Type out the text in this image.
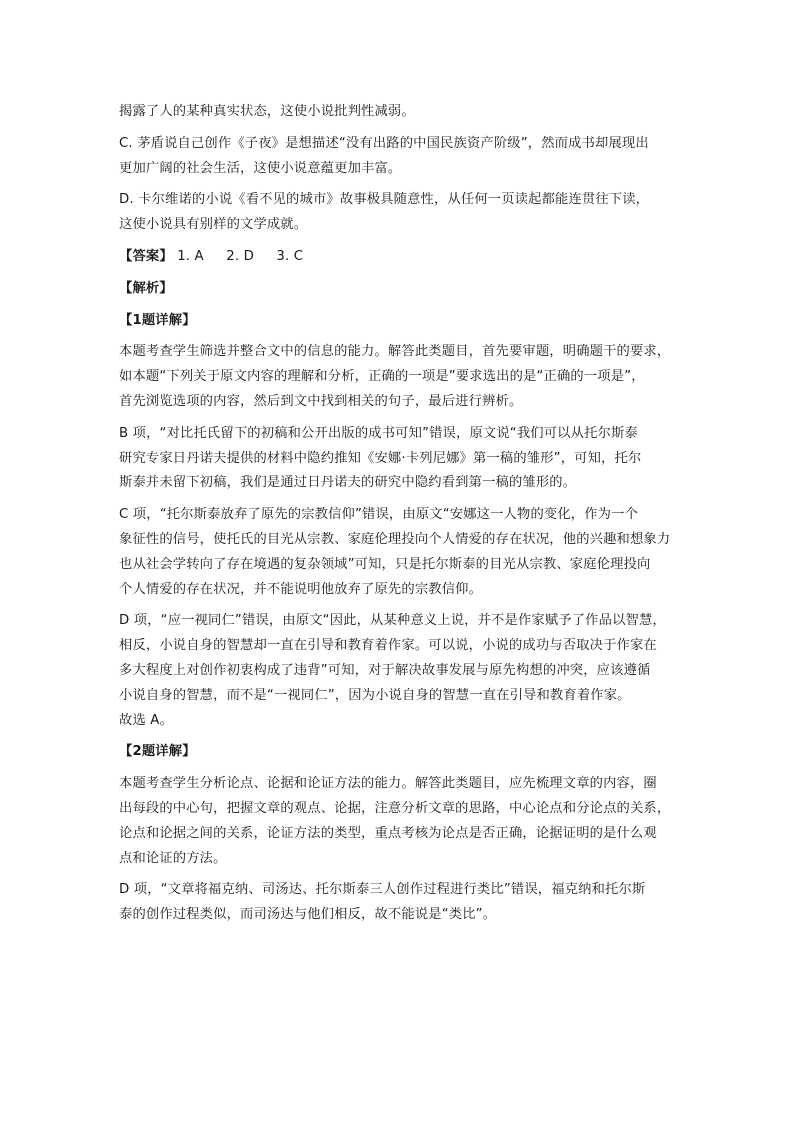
揭露了人的某种真实状态，这使小说批判性减弱。
C. 茅盾说自己创作《子夜》是想描述“没有出路的中国民族资产阶级”，然而成书却展现出
更加广阔的社会生活，这使小说意蕴更加丰富。
D. 卡尔维诺的小说《看不见的城市》故事极具随意性，从任何一页读起都能连贯往下读，
这使小说具有别样的文学成就。
【答案】 1. A 2. D 3. C
【解析】
【1题详解】
本题考查学生筛选并整合文中的信息的能力。解答此类题目，首先要审题，明确题干的要求，
如本题“下列关于原文内容的理解和分析，正确的一项是”要求选出的是“正确的一项是”，
首先浏览选项的内容，然后到文中找到相关的句子，最后进行辨析。
B 项，“对比托氏留下的初稿和公开出版的成书可知”错误，原文说“我们可以从托尔斯泰
研究专家日丹诺夫提供的材料中隐约推知《安娜·卡列尼娜》第一稿的雏形”，可知，托尔
斯泰并未留下初稿，我们是通过日丹诺夫的研究中隐约看到第一稿的雏形的。
C 项，“托尔斯泰放弃了原先的宗教信仰”错误，由原文“安娜这一人物的变化，作为一个
象征性的信号，使托氏的目光从宗教、家庭伦理投向个人情爱的存在状况，他的兴趣和想象力
也从社会学转向了存在境遇的复杂领域”可知，只是托尔斯泰的目光从宗教、家庭伦理投向
个人情爱的存在状况，并不能说明他放弃了原先的宗教信仰。
D 项，“应一视同仁”错误，由原文“因此，从某种意义上说，并不是作家赋予了作品以智慧，
相反，小说自身的智慧却一直在引导和教育着作家。可以说，小说的成功与否取决于作家在
多大程度上对创作初衷构成了违背”可知，对于解决故事发展与原先构想的冲突，应该遵循
小说自身的智慧，而不是“一视同仁”，因为小说自身的智慧一直在引导和教育着作家。
故选 A。
【2题详解】
本题考查学生分析论点、论据和论证方法的能力。解答此类题目，应先梳理文章的内容，圈
出每段的中心句，把握文章的观点、论据，注意分析文章的思路，中心论点和分论点的关系，
论点和论据之间的关系，论证方法的类型，重点考核为论点是否正确，论据证明的是什么观
点和论证的方法。
D 项，“文章将福克纳、司汤达、托尔斯泰三人创作过程进行类比”错误，福克纳和托尔斯
泰的创作过程类似，而司汤达与他们相反，故不能说是“类比”。
